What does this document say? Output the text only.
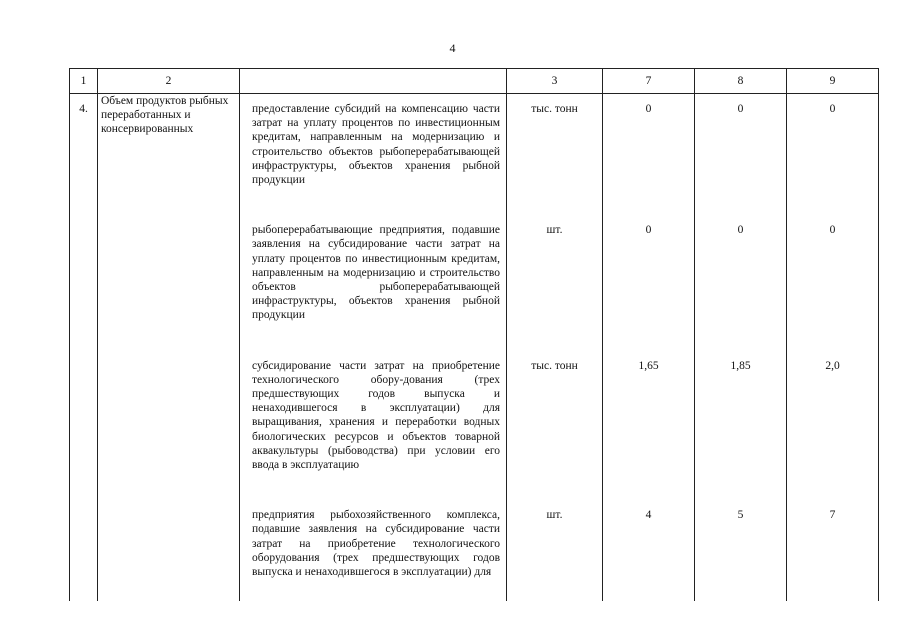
4
1	2		3	7	8	9
4.	Объем продуктов рыбных переработанных и консервированных	предоставление субсидий на компенсацию части затрат на уплату процентов по инвестиционным кредитам, направленным на модернизацию и строительство объектов рыбоперерабатывающей инфраструктуры, объектов хранения рыбной продукции	тыс. тонн	0	0	0

		рыбоперерабатывающие предприятия, подавшие заявления на субсидирование части затрат на уплату процентов по инвестиционным кредитам, направленным на модернизацию и строительство объектов рыбоперерабатывающей инфраструктуры, объектов хранения рыбной продукции	шт.	0	0	0

		субсидирование части затрат на приобретение технологического обору-дования (трех предшествующих годов выпуска и ненаходившегося в эксплуатации) для выращивания, хранения и переработки водных биологических ресурсов и объектов товарной аквакультуры (рыбоводства) при условии его ввода в эксплуатацию	тыс. тонн	1,65	1,85	2,0

		предприятия рыбохозяйственного комплекса, подавшие заявления на субсидирование части затрат на приобретение технологического оборудования (трех предшествующих годов выпуска и ненаходившегося в эксплуатации) для	шт.	4	5	7
